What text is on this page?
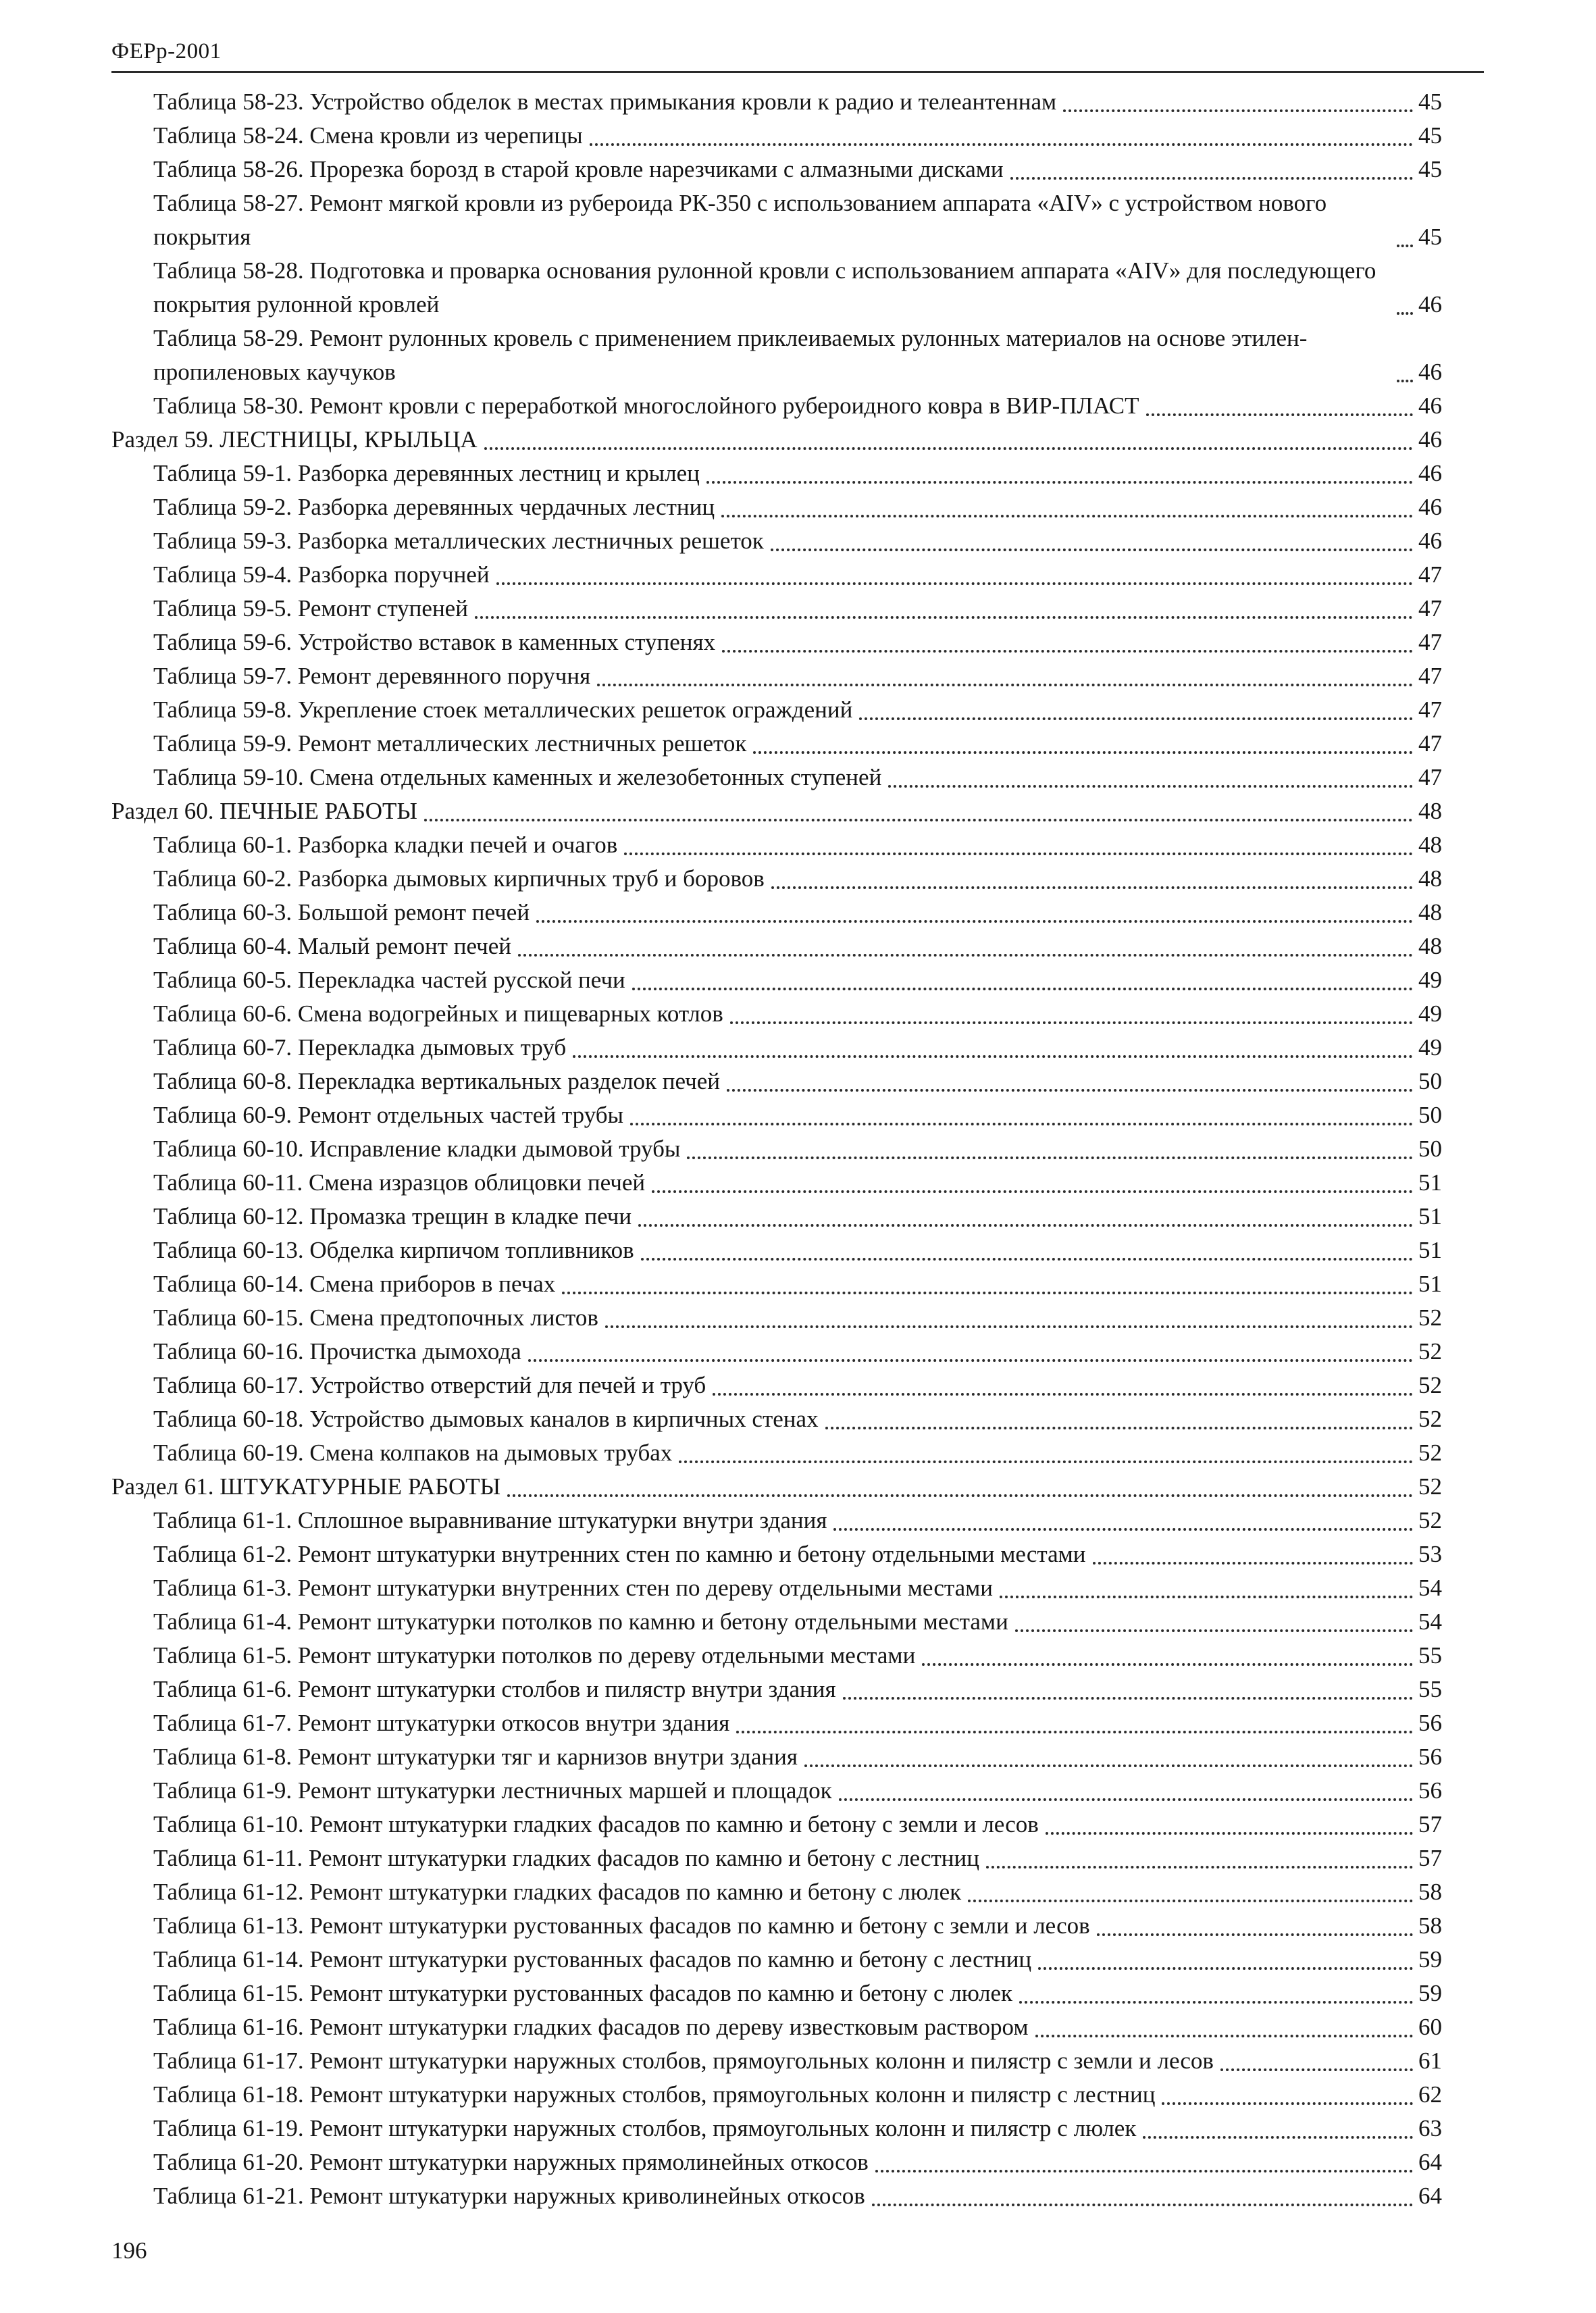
ФЕРр-2001
Таблица 58-23. Устройство обделок в местах примыкания кровли к радио и телеантеннам	45
Таблица 58-24. Смена кровли из черепицы	45
Таблица 58-26. Прорезка борозд в старой кровле нарезчиками с алмазными дисками	45
Таблица 58-27. Ремонт мягкой кровли из рубероида РК-350 с использованием аппарата «AIV» с устройством нового покрытия	45
Таблица 58-28. Подготовка и проварка основания рулонной кровли с использованием аппарата «AIV» для последующего покрытия рулонной кровлей	46
Таблица 58-29. Ремонт рулонных кровель с применением приклеиваемых рулонных материалов на основе этилен-пропиленовых каучуков	46
Таблица 58-30. Ремонт кровли с переработкой многослойного рубероидного ковра в ВИР-ПЛАСТ	46
Раздел 59. ЛЕСТНИЦЫ, КРЫЛЬЦА	46
Таблица 59-1. Разборка деревянных лестниц и крылец	46
Таблица 59-2. Разборка деревянных чердачных лестниц	46
Таблица 59-3. Разборка металлических лестничных решеток	46
Таблица 59-4. Разборка поручней	47
Таблица 59-5. Ремонт ступеней	47
Таблица 59-6. Устройство вставок в каменных ступенях	47
Таблица 59-7. Ремонт деревянного поручня	47
Таблица 59-8. Укрепление стоек металлических решеток ограждений	47
Таблица 59-9. Ремонт металлических лестничных решеток	47
Таблица 59-10. Смена отдельных каменных и железобетонных ступеней	47
Раздел 60. ПЕЧНЫЕ РАБОТЫ	48
Таблица 60-1. Разборка кладки печей и очагов	48
Таблица 60-2. Разборка дымовых кирпичных труб и боровов	48
Таблица 60-3. Большой ремонт печей	48
Таблица 60-4. Малый ремонт печей	48
Таблица 60-5. Перекладка частей русской печи	49
Таблица 60-6. Смена водогрейных и пищеварных котлов	49
Таблица 60-7. Перекладка дымовых труб	49
Таблица 60-8. Перекладка вертикальных разделок печей	50
Таблица 60-9. Ремонт отдельных частей трубы	50
Таблица 60-10. Исправление кладки дымовой трубы	50
Таблица 60-11. Смена изразцов облицовки печей	51
Таблица 60-12. Промазка трещин в кладке печи	51
Таблица 60-13. Обделка кирпичом топливников	51
Таблица 60-14. Смена приборов в печах	51
Таблица 60-15. Смена предтопочных листов	52
Таблица 60-16. Прочистка дымохода	52
Таблица 60-17. Устройство отверстий для печей и труб	52
Таблица 60-18. Устройство дымовых каналов в кирпичных стенах	52
Таблица 60-19. Смена колпаков на дымовых трубах	52
Раздел 61. ШТУКАТУРНЫЕ РАБОТЫ	52
Таблица 61-1. Сплошное выравнивание штукатурки внутри здания	52
Таблица 61-2. Ремонт штукатурки внутренних стен по камню и бетону отдельными местами	53
Таблица 61-3. Ремонт штукатурки внутренних стен по дереву отдельными местами	54
Таблица 61-4. Ремонт штукатурки потолков по камню и бетону отдельными местами	54
Таблица 61-5. Ремонт штукатурки потолков по дереву отдельными местами	55
Таблица 61-6. Ремонт штукатурки столбов и пилястр внутри здания	55
Таблица 61-7. Ремонт штукатурки откосов внутри здания	56
Таблица 61-8. Ремонт штукатурки тяг и карнизов внутри здания	56
Таблица 61-9. Ремонт штукатурки лестничных маршей и площадок	56
Таблица 61-10. Ремонт штукатурки гладких фасадов по камню и бетону с земли и лесов	57
Таблица 61-11. Ремонт штукатурки гладких фасадов по камню и бетону с лестниц	57
Таблица 61-12. Ремонт штукатурки гладких фасадов по камню и бетону с люлек	58
Таблица 61-13. Ремонт штукатурки рустованных фасадов по камню и бетону с земли и лесов	58
Таблица 61-14. Ремонт штукатурки рустованных фасадов по камню и бетону с лестниц	59
Таблица 61-15. Ремонт штукатурки рустованных фасадов по камню и бетону с люлек	59
Таблица 61-16. Ремонт штукатурки гладких фасадов по дереву известковым раствором	60
Таблица 61-17. Ремонт штукатурки наружных столбов, прямоугольных колонн и пилястр с земли и лесов	61
Таблица 61-18. Ремонт штукатурки наружных столбов, прямоугольных колонн и пилястр с лестниц	62
Таблица 61-19. Ремонт штукатурки наружных столбов, прямоугольных колонн и пилястр с люлек	63
Таблица 61-20. Ремонт штукатурки наружных прямолинейных откосов	64
Таблица 61-21. Ремонт штукатурки наружных криволинейных откосов	64
196
